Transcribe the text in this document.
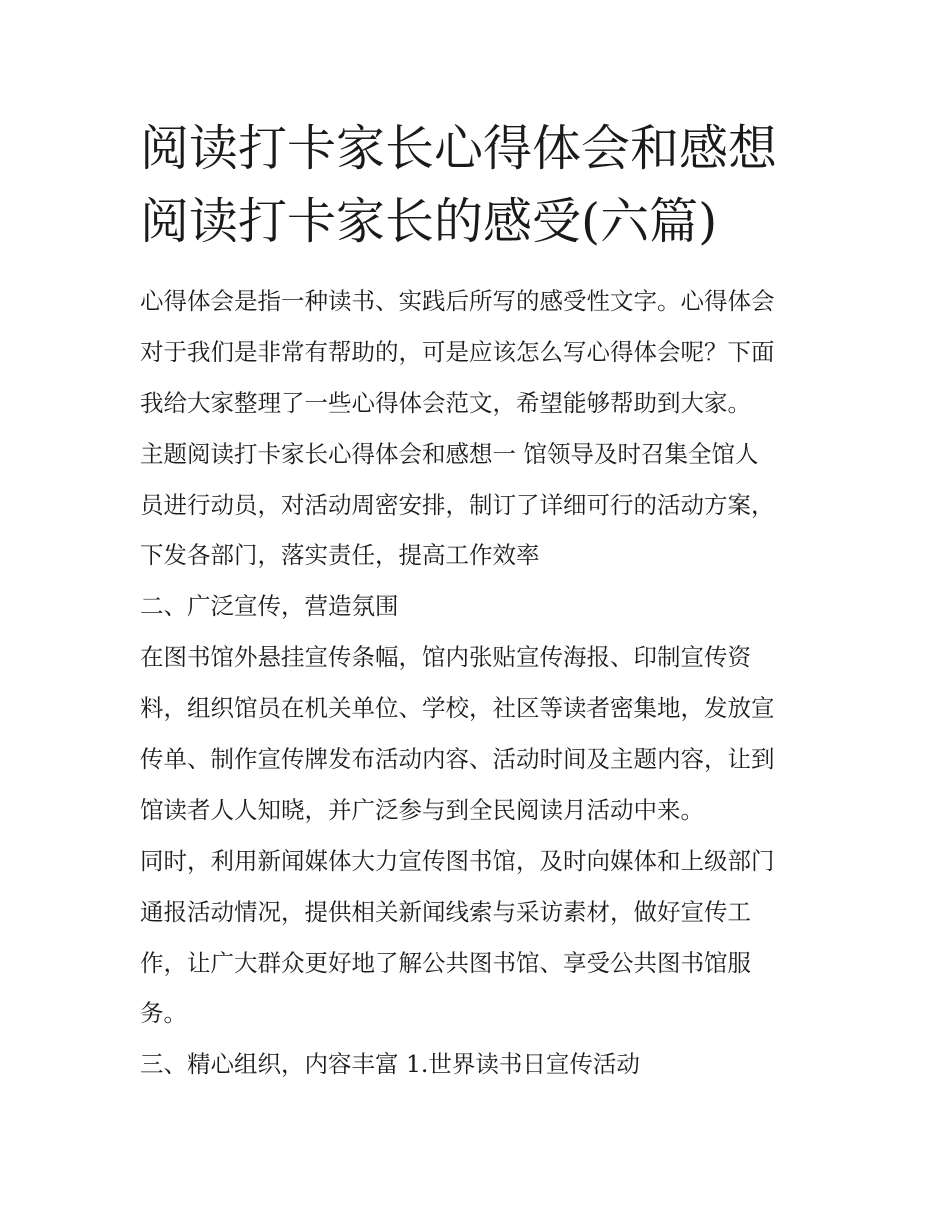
阅读打卡家长心得体会和感想
阅读打卡家长的感受(六篇)
心得体会是指一种读书、实践后所写的感受性文字。心得体会
对于我们是非常有帮助的，可是应该怎么写心得体会呢？下面
我给大家整理了一些心得体会范文，希望能够帮助到大家。
主题阅读打卡家长心得体会和感想一 馆领导及时召集全馆人
员进行动员，对活动周密安排，制订了详细可行的活动方案，
下发各部门，落实责任，提高工作效率
二、广泛宣传，营造氛围
在图书馆外悬挂宣传条幅，馆内张贴宣传海报、印制宣传资
料，组织馆员在机关单位、学校，社区等读者密集地，发放宣
传单、制作宣传牌发布活动内容、活动时间及主题内容，让到
馆读者人人知晓，并广泛参与到全民阅读月活动中来。
同时，利用新闻媒体大力宣传图书馆，及时向媒体和上级部门
通报活动情况，提供相关新闻线索与采访素材，做好宣传工
作，让广大群众更好地了解公共图书馆、享受公共图书馆服
务。
三、精心组织，内容丰富 1.世界读书日宣传活动
